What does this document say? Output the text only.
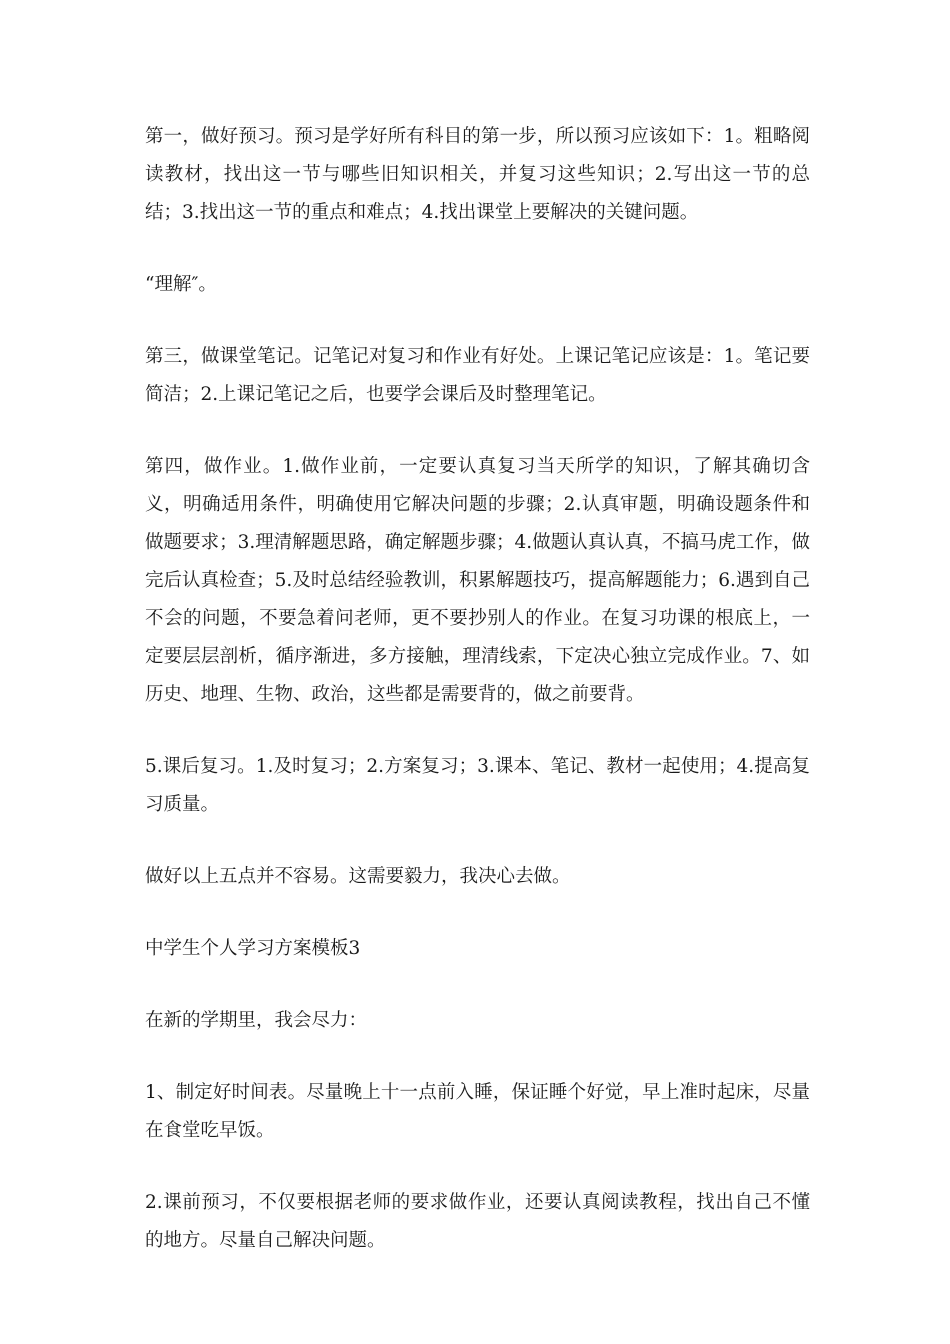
第一，做好预习。预习是学好所有科目的第一步，所以预习应该如下：1。粗略阅读教材，找出这一节与哪些旧知识相关，并复习这些知识；2.写出这一节的总结；3.找出这一节的重点和难点；4.找出课堂上要解决的关键问题。

“理解″。

第三，做课堂笔记。记笔记对复习和作业有好处。上课记笔记应该是：1。笔记要简洁；2.上课记笔记之后，也要学会课后及时整理笔记。

第四，做作业。1.做作业前，一定要认真复习当天所学的知识，了解其确切含义，明确适用条件，明确使用它解决问题的步骤；2.认真审题，明确设题条件和做题要求；3.理清解题思路，确定解题步骤；4.做题认真认真，不搞马虎工作，做完后认真检查；5.及时总结经验教训，积累解题技巧，提高解题能力；6.遇到自己不会的问题，不要急着问老师，更不要抄别人的作业。在复习功课的根底上，一定要层层剖析，循序渐进，多方接触，理清线索，下定决心独立完成作业。7、如历史、地理、生物、政治，这些都是需要背的，做之前要背。

5.课后复习。1.及时复习；2.方案复习；3.课本、笔记、教材一起使用；4.提高复习质量。

做好以上五点并不容易。这需要毅力，我决心去做。

中学生个人学习方案模板3

在新的学期里，我会尽力：

1、制定好时间表。尽量晚上十一点前入睡，保证睡个好觉，早上准时起床，尽量在食堂吃早饭。

2.课前预习，不仅要根据老师的要求做作业，还要认真阅读教程，找出自己不懂的地方。尽量自己解决问题。
